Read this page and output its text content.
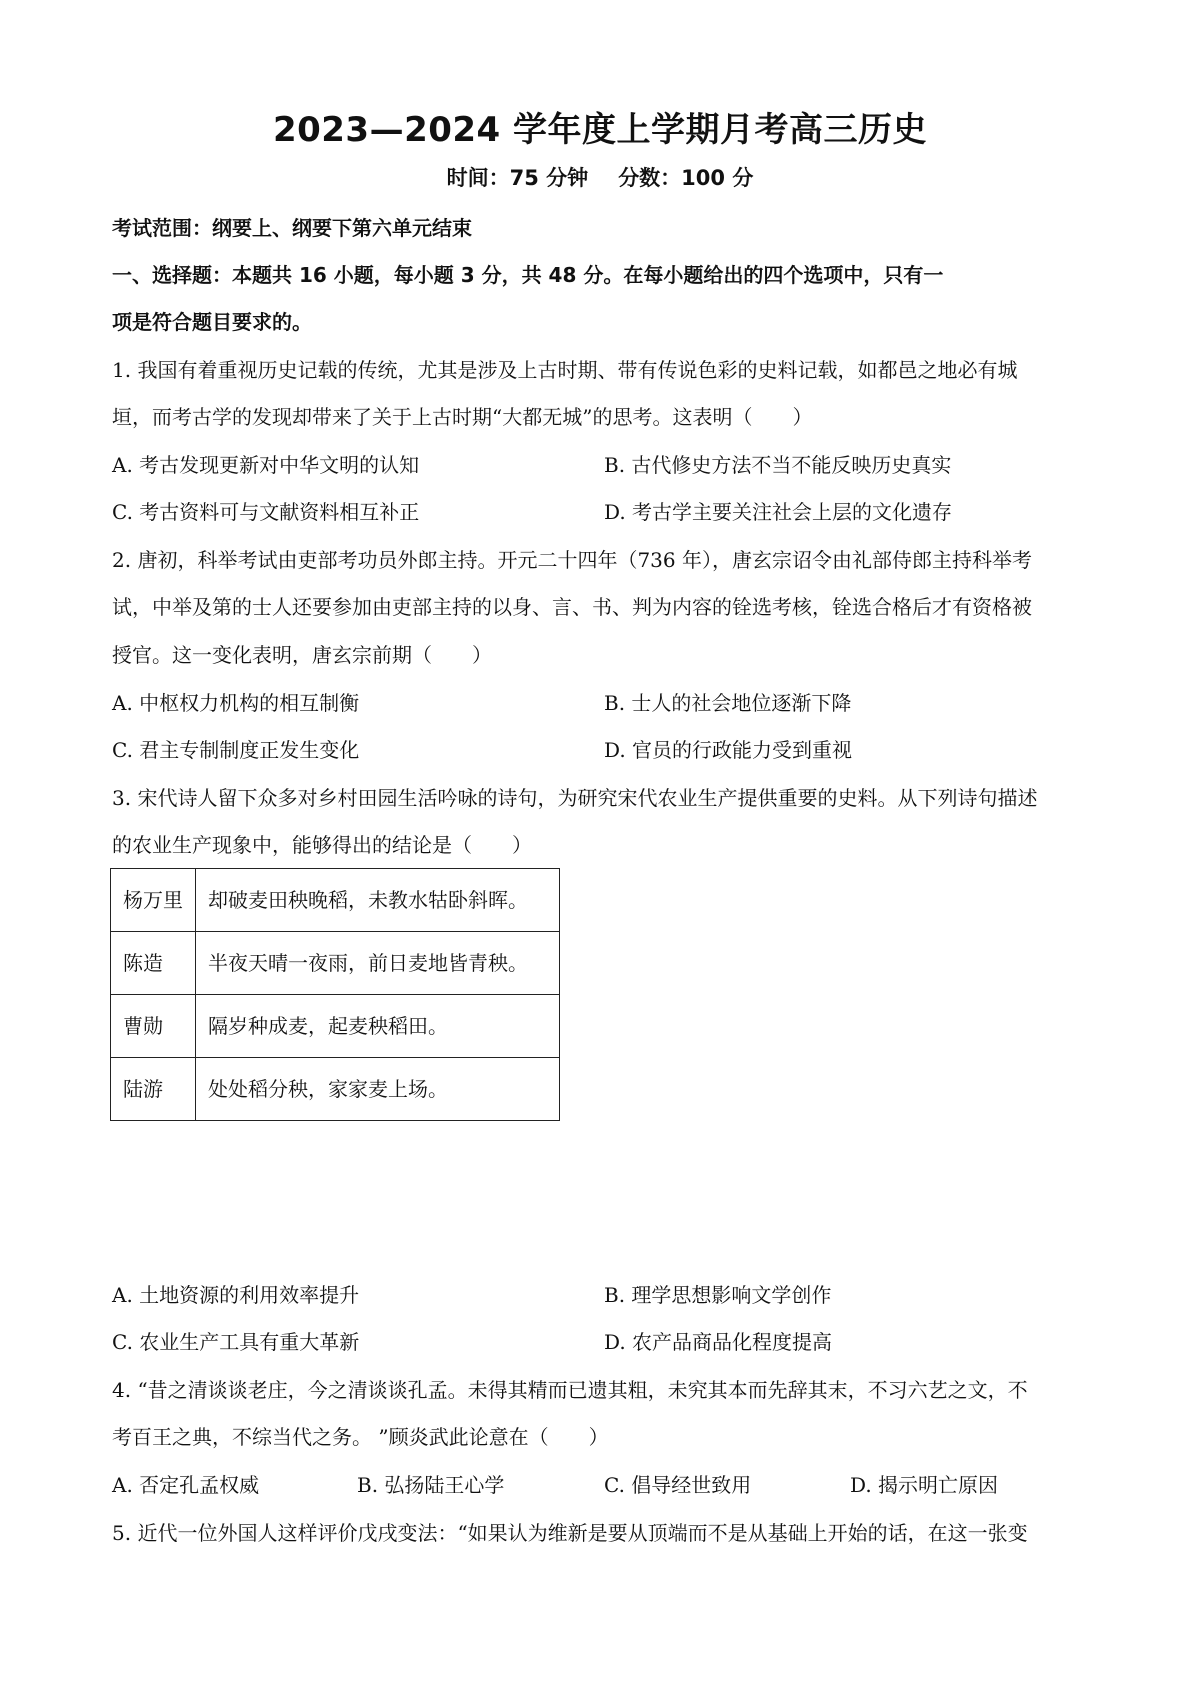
2023—2024 学年度上学期月考高三历史
时间：75 分钟 分数：100 分
考试范围：纲要上、纲要下第六单元结束
一、选择题：本题共 16 小题，每小题 3 分，共 48 分。在每小题给出的四个选项中，只有一
项是符合题目要求的。
1. 我国有着重视历史记载的传统，尤其是涉及上古时期、带有传说色彩的史料记载，如都邑之地必有城
垣，而考古学的发现却带来了关于上古时期“大都无城”的思考。这表明（　　）
A. 考古发现更新对中华文明的认知	B. 古代修史方法不当不能反映历史真实
C. 考古资料可与文献资料相互补正	D. 考古学主要关注社会上层的文化遗存
2. 唐初，科举考试由吏部考功员外郎主持。开元二十四年（736 年），唐玄宗诏令由礼部侍郎主持科举考
试，中举及第的士人还要参加由吏部主持的以身、言、书、判为内容的铨选考核，铨选合格后才有资格被
授官。这一变化表明，唐玄宗前期（　　）
A. 中枢权力机构的相互制衡	B. 士人的社会地位逐渐下降
C. 君主专制制度正发生变化	D. 官员的行政能力受到重视
3. 宋代诗人留下众多对乡村田园生活吟咏的诗句，为研究宋代农业生产提供重要的史料。从下列诗句描述
的农业生产现象中，能够得出的结论是（　　）
杨万里	却破麦田秧晚稻，未教水牯卧斜晖。
陈造	半夜天晴一夜雨，前日麦地皆青秧。
曹勋	隔岁种成麦，起麦秧稻田。
陆游	处处稻分秧，家家麦上场。
A. 土地资源的利用效率提升	B. 理学思想影响文学创作
C. 农业生产工具有重大革新	D. 农产品商品化程度提高
4. “昔之清谈谈老庄，今之清谈谈孔孟。未得其精而已遗其粗，未究其本而先辞其末，不习六艺之文，不
考百王之典，不综当代之务。 ”顾炎武此论意在（　　）
A. 否定孔孟权威	B. 弘扬陆王心学	C. 倡导经世致用	D. 揭示明亡原因
5. 近代一位外国人这样评价戊戌变法：“如果认为维新是要从顶端而不是从基础上开始的话，在这一张变
